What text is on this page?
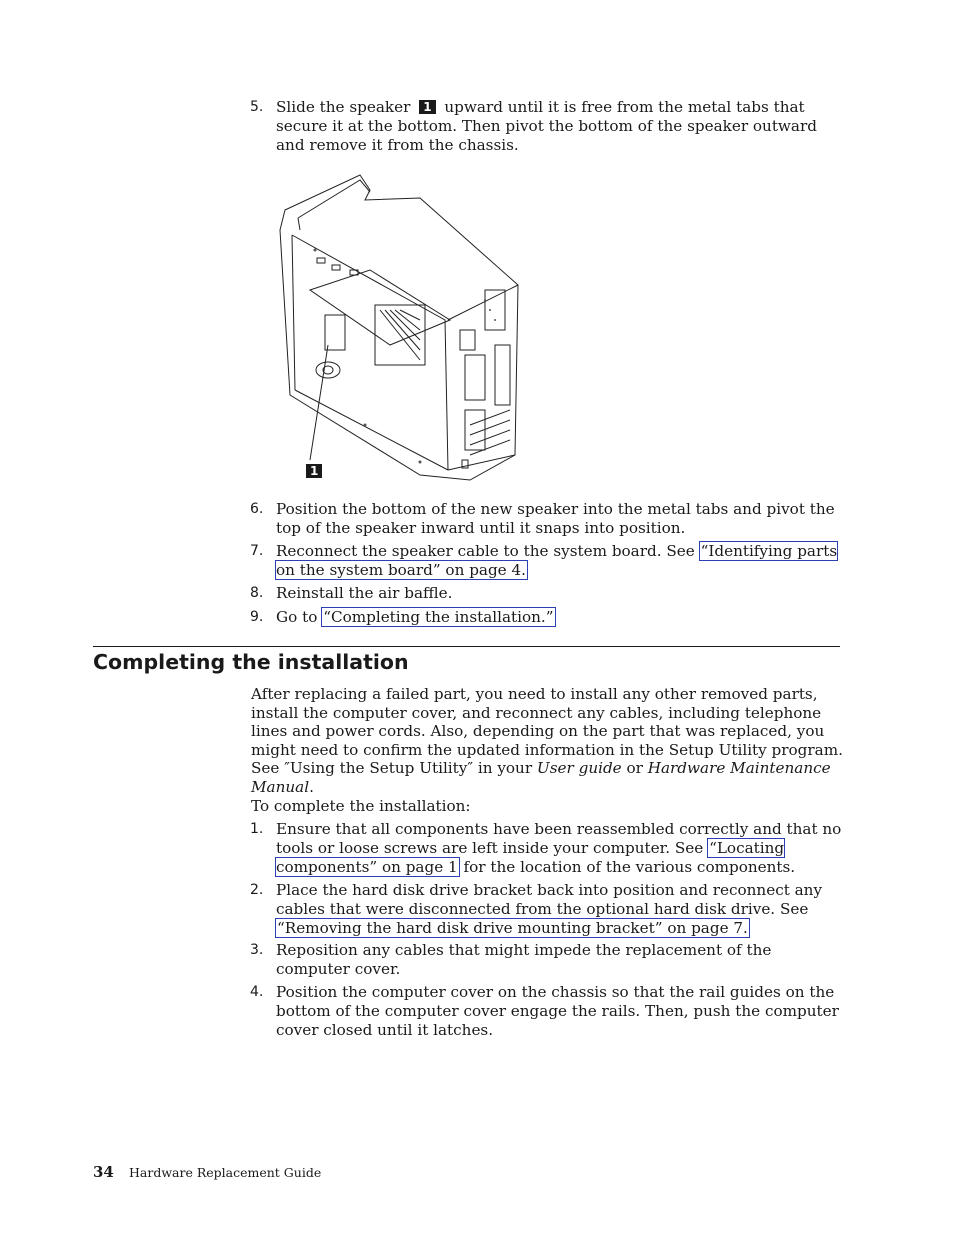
5. Slide the speaker 1 upward until it is free from the metal tabs that secure it at the bottom. Then pivot the bottom of the speaker outward and remove it from the chassis.
1
6. Position the bottom of the new speaker into the metal tabs and pivot the top of the speaker inward until it snaps into position.
7. Reconnect the speaker cable to the system board. See “Identifying parts on the system board” on page 4.
8. Reinstall the air baffle.
9. Go to “Completing the installation.”
Completing the installation
After replacing a failed part, you need to install any other removed parts, install the computer cover, and reconnect any cables, including telephone lines and power cords. Also, depending on the part that was replaced, you might need to confirm the updated information in the Setup Utility program. See ″Using the Setup Utility″ in your User guide or Hardware Maintenance Manual.
To complete the installation:
1. Ensure that all components have been reassembled correctly and that no tools or loose screws are left inside your computer. See “Locating components” on page 1 for the location of the various components.
2. Place the hard disk drive bracket back into position and reconnect any cables that were disconnected from the optional hard disk drive. See “Removing the hard disk drive mounting bracket” on page 7.
3. Reposition any cables that might impede the replacement of the computer cover.
4. Position the computer cover on the chassis so that the rail guides on the bottom of the computer cover engage the rails. Then, push the computer cover closed until it latches.
34 Hardware Replacement Guide
